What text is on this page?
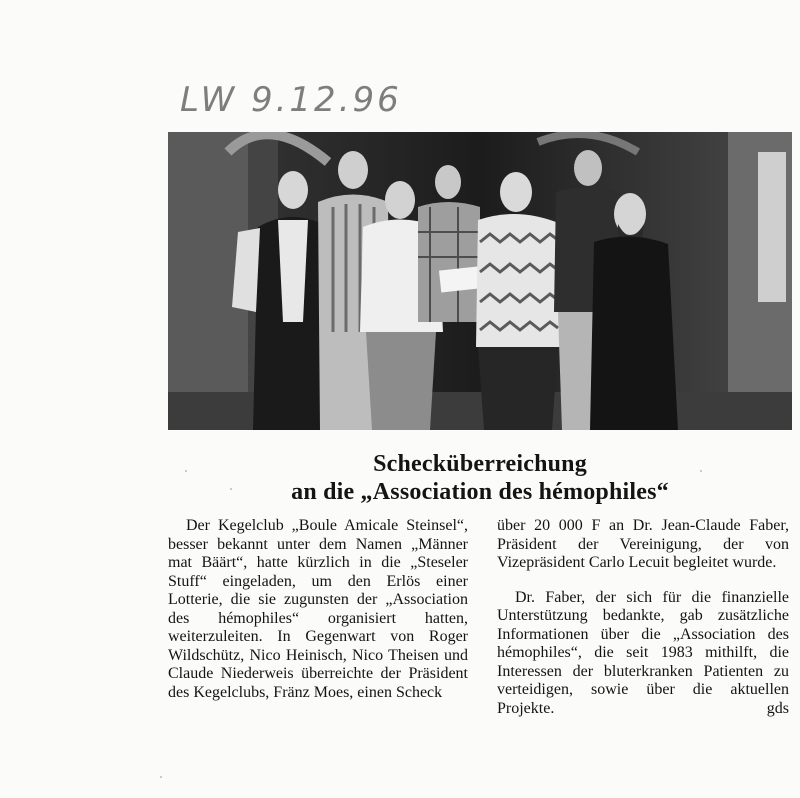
LW 9.12.96
Schecküberreichung
an die „Association des hémophiles“

Der Kegelclub „Boule Amicale Steinsel“, besser bekannt unter dem Namen „Männer mat Bäärt“, hatte kürzlich in die „Steseler Stuff“ eingeladen, um den Erlös einer Lotterie, die sie zugunsten der „Association des hémophiles“ organisiert hatten, weiterzuleiten. In Gegenwart von Roger Wildschütz, Nico Heinisch, Nico Theisen und Claude Niederweis überreichte der Präsident des Kegelclubs, Fränz Moes, einen Scheck

über 20 000 F an Dr. Jean-Claude Faber, Präsident der Vereinigung, der von Vizepräsident Carlo Lecuit begleitet wurde.

Dr. Faber, der sich für die finanzielle Unterstützung bedankte, gab zusätzliche Informationen über die „Association des hémophiles“, die seit 1983 mithilft, die Interessen der bluterkranken Patienten zu verteidigen, sowie über die aktuellen Projekte.	gds
